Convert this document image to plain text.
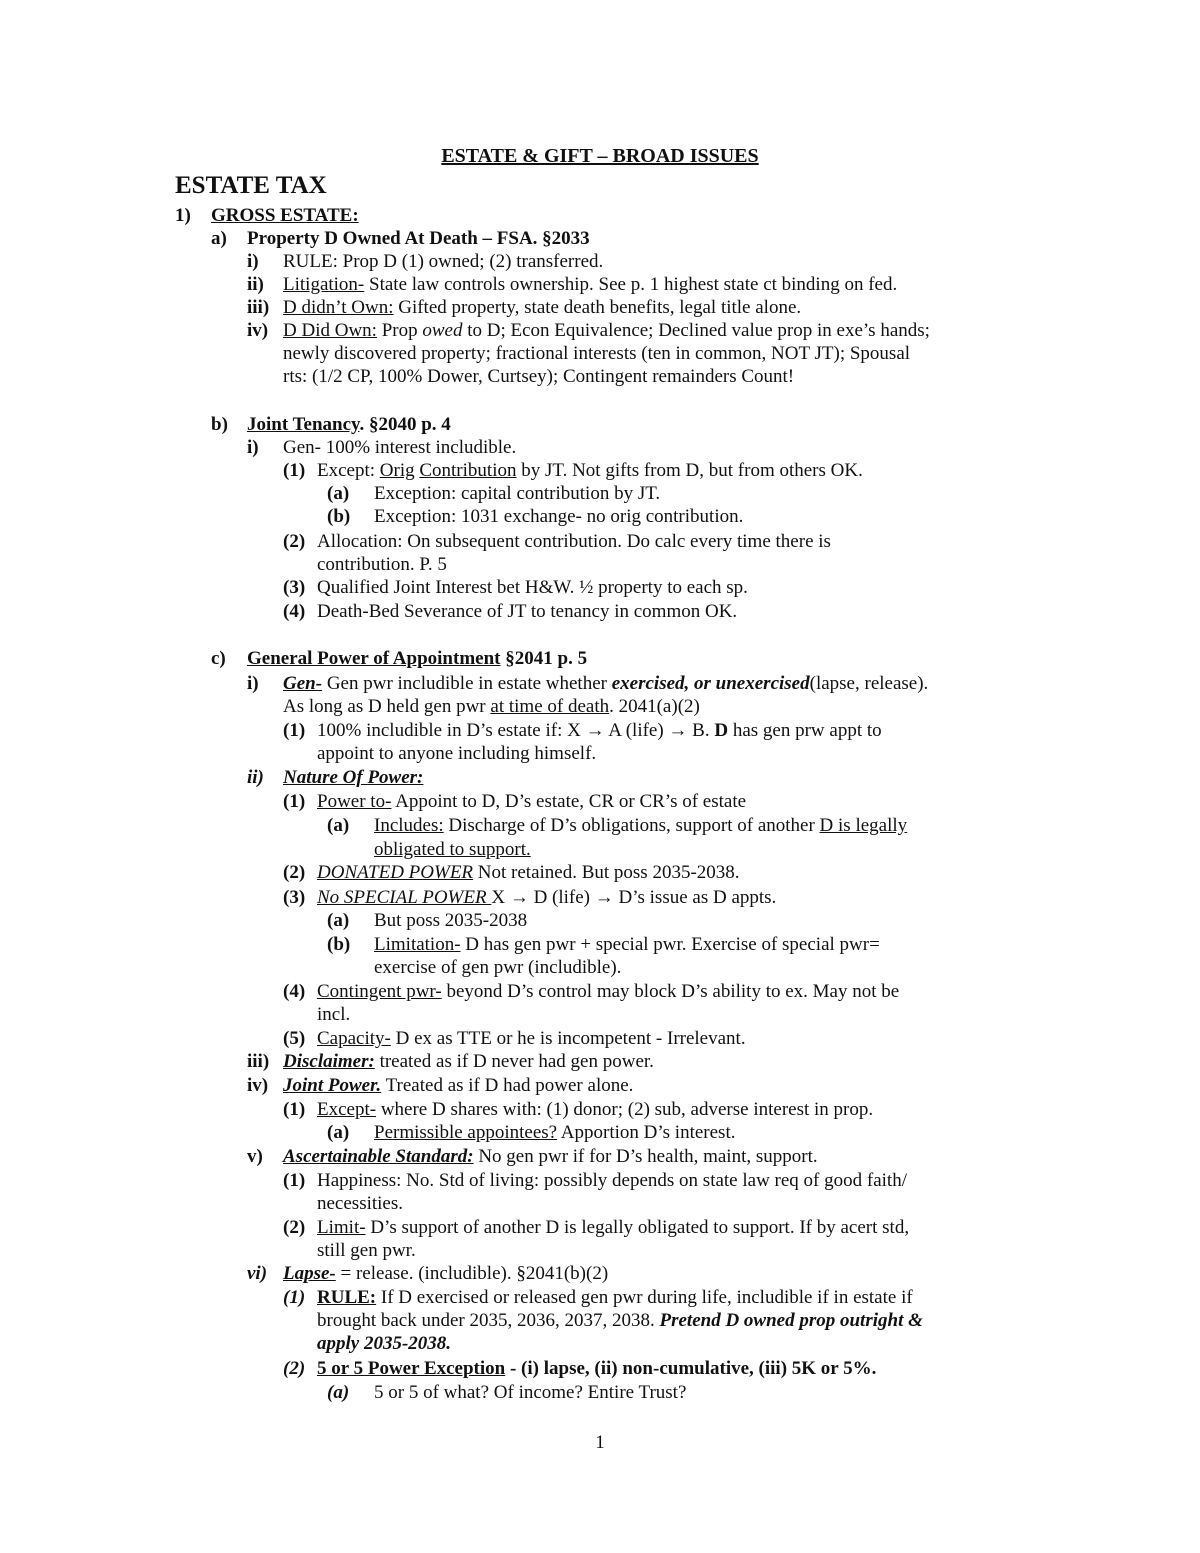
ESTATE & GIFT – BROAD ISSUES
ESTATE TAX
1) GROSS ESTATE:
a) Property D Owned At Death – FSA. §2033
i) RULE: Prop D (1) owned; (2) transferred.
ii) Litigation- State law controls ownership. See p. 1 highest state ct binding on fed.
iii) D didn’t Own: Gifted property, state death benefits, legal title alone.
iv) D Did Own: Prop owed to D; Econ Equivalence; Declined value prop in exe’s hands;
newly discovered property; fractional interests (ten in common, NOT JT); Spousal
rts: (1/2 CP, 100% Dower, Curtsey); Contingent remainders Count!
b) Joint Tenancy. §2040 p. 4
i) Gen- 100% interest includible.
(1) Except: Orig Contribution by JT. Not gifts from D, but from others OK.
(a) Exception: capital contribution by JT.
(b) Exception: 1031 exchange- no orig contribution.
(2) Allocation: On subsequent contribution. Do calc every time there is
contribution. P. 5
(3) Qualified Joint Interest bet H&W. ½ property to each sp.
(4) Death-Bed Severance of JT to tenancy in common OK.
c) General Power of Appointment §2041 p. 5
i) Gen- Gen pwr includible in estate whether exercised, or unexercised(lapse, release).
As long as D held gen pwr at time of death. 2041(a)(2)
(1) 100% includible in D’s estate if: X → A (life) → B. D has gen prw appt to
appoint to anyone including himself.
ii) Nature Of Power:
(1) Power to- Appoint to D, D’s estate, CR or CR’s of estate
(a) Includes: Discharge of D’s obligations, support of another D is legally
obligated to support.
(2) DONATED POWER Not retained. But poss 2035-2038.
(3) No SPECIAL POWER X → D (life) → D’s issue as D appts.
(a) But poss 2035-2038
(b) Limitation- D has gen pwr + special pwr. Exercise of special pwr=
exercise of gen pwr (includible).
(4) Contingent pwr- beyond D’s control may block D’s ability to ex. May not be
incl.
(5) Capacity- D ex as TTE or he is incompetent - Irrelevant.
iii) Disclaimer: treated as if D never had gen power.
iv) Joint Power. Treated as if D had power alone.
(1) Except- where D shares with: (1) donor; (2) sub, adverse interest in prop.
(a) Permissible appointees? Apportion D’s interest.
v) Ascertainable Standard: No gen pwr if for D’s health, maint, support.
(1) Happiness: No. Std of living: possibly depends on state law req of good faith/
necessities.
(2) Limit- D’s support of another D is legally obligated to support. If by acert std,
still gen pwr.
vi) Lapse- = release. (includible). §2041(b)(2)
(1) RULE: If D exercised or released gen pwr during life, includible if in estate if
brought back under 2035, 2036, 2037, 2038. Pretend D owned prop outright &
apply 2035-2038.
(2) 5 or 5 Power Exception - (i) lapse, (ii) non-cumulative, (iii) 5K or 5%.
(a) 5 or 5 of what? Of income? Entire Trust?
1
